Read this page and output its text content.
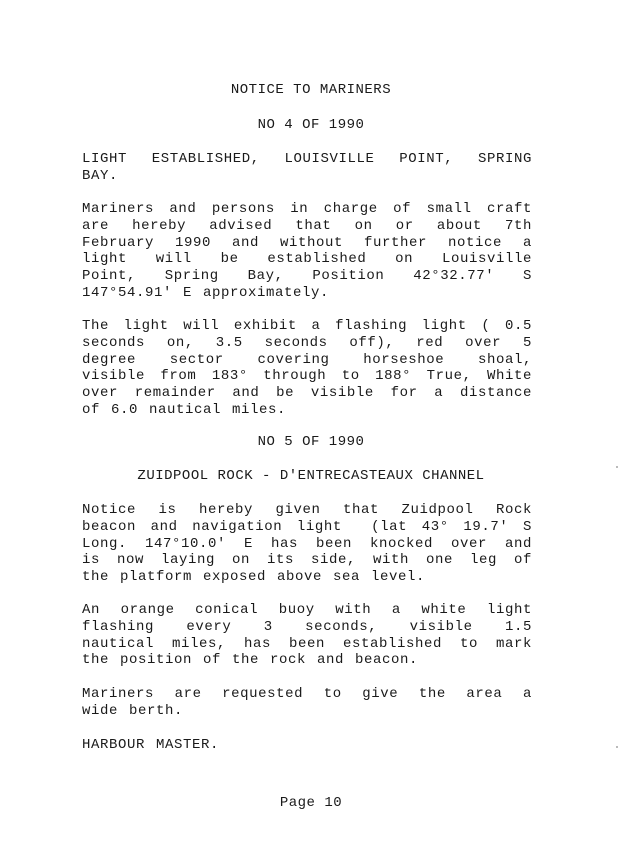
NOTICE TO MARINERS
NO 4 OF 1990
LIGHT ESTABLISHED, LOUISVILLE POINT, SPRING
BAY.
Mariners and persons in charge of small craft
are hereby advised that on or about 7th
February 1990 and without further notice a
light will be established on Louisville
Point, Spring Bay, Position 42°32.77' S
147°54.91' E approximately.
The light will exhibit a flashing light ( 0.5
seconds on, 3.5 seconds off), red over 5
degree sector covering horseshoe shoal,
visible from 183° through to 188° True, White
over remainder and be visible for a distance
of 6.0 nautical miles.
NO 5 OF 1990
ZUIDPOOL ROCK - D'ENTRECASTEAUX CHANNEL
Notice is hereby given that Zuidpool Rock
beacon and navigation light  (lat 43° 19.7' S
Long. 147°10.0' E has been knocked over and
is now laying on its side, with one leg of
the platform exposed above sea level.
An orange conical buoy with a white light
flashing every 3 seconds, visible 1.5
nautical miles, has been established to mark
the position of the rock and beacon.
Mariners are requested to give the area a
wide berth.
HARBOUR MASTER.
Page 10
